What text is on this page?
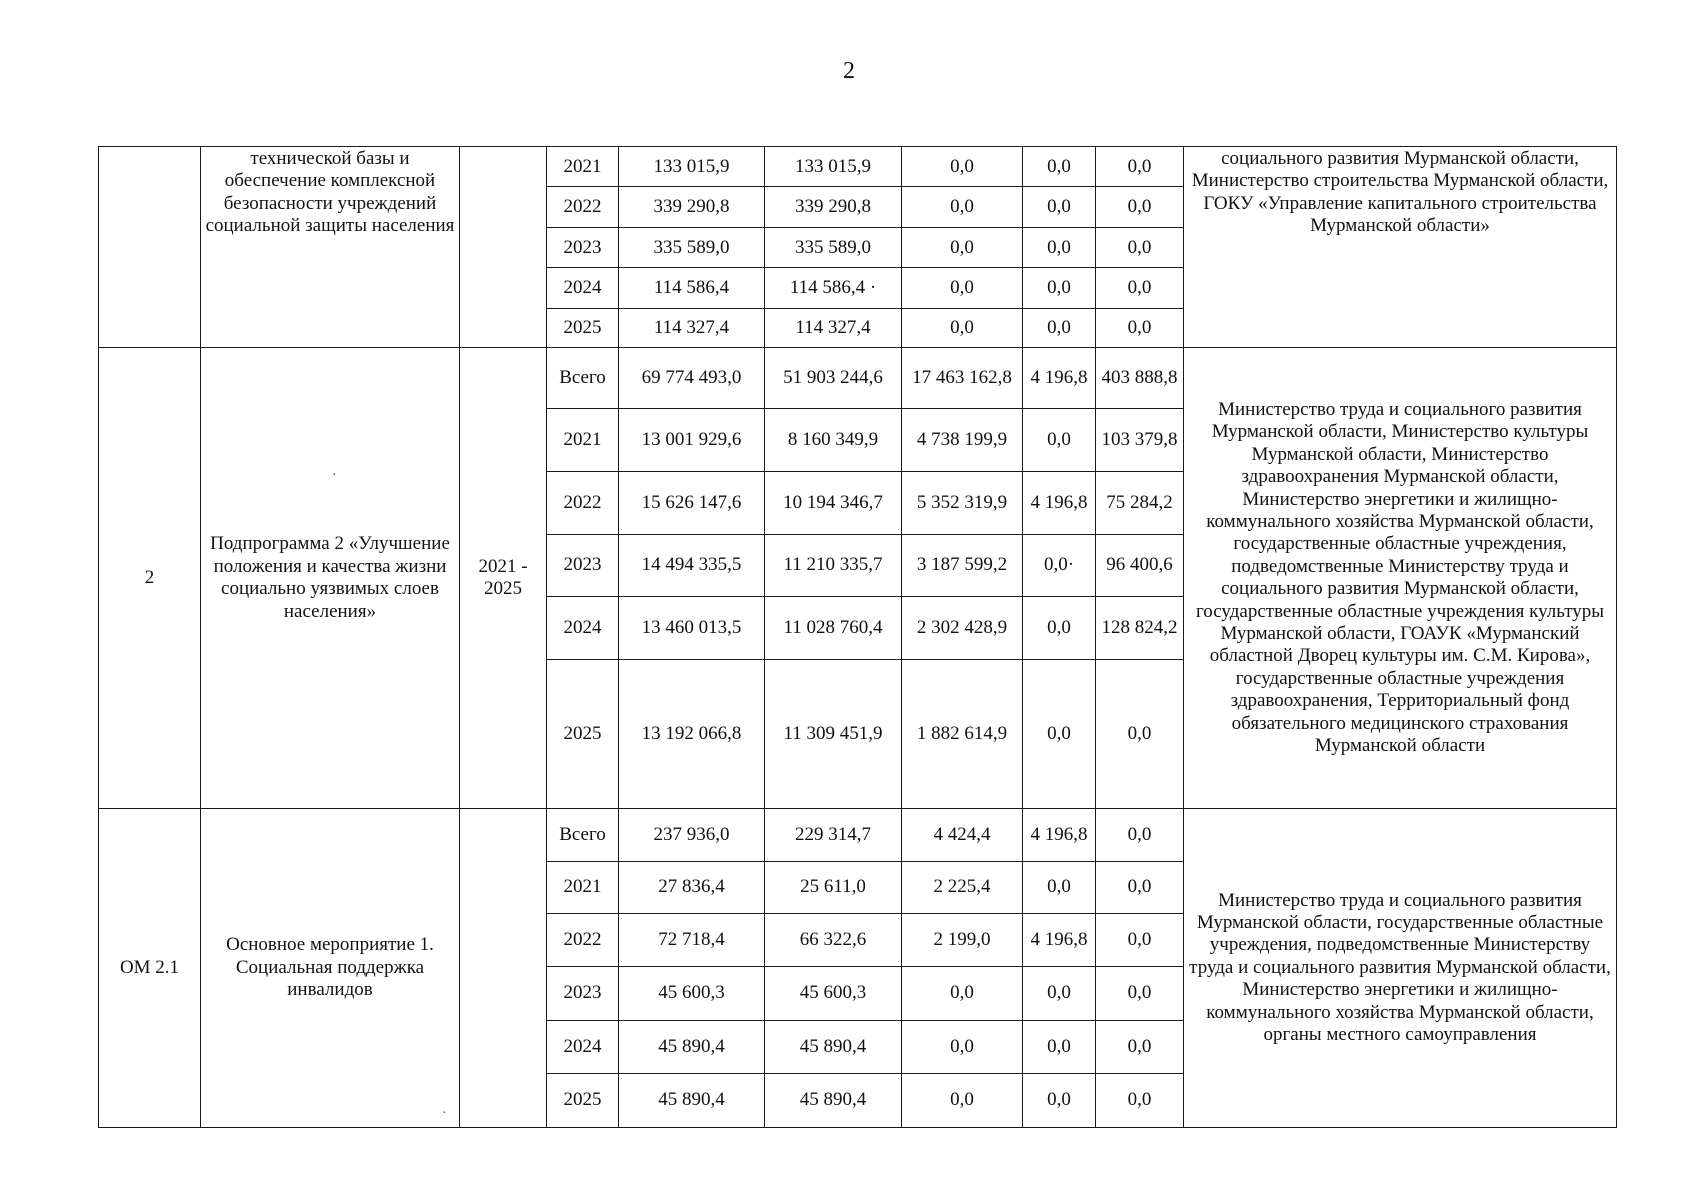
2
	технической базы и обеспечение комплексной безопасности учреждений социальной защиты населения		2021	133 015,9	133 015,9	0,0	0,0	0,0	социального развития Мурманской области, Министерство строительства Мурманской области, ГОКУ «Управление капитального строительства Мурманской области»
			2022	339 290,8	339 290,8	0,0	0,0	0,0	
			2023	335 589,0	335 589,0	0,0	0,0	0,0	
			2024	114 586,4	114 586,4 ·	0,0	0,0	0,0	
			2025	114 327,4	114 327,4	0,0	0,0	0,0	
2	Подпрограмма 2 «Улучшение положения и качества жизни социально уязвимых слоев населения»	2021 - 2025	Всего	69 774 493,0	51 903 244,6	17 463 162,8	4 196,8	403 888,8	Министерство труда и социального развития Мурманской области, Министерство культуры Мурманской области, Министерство здравоохранения Мурманской области, Министерство энергетики и жилищно-коммунального хозяйства Мурманской области, государственные областные учреждения, подведомственные Министерству труда и социального развития Мурманской области, государственные областные учреждения культуры Мурманской области, ГОАУК «Мурманский областной Дворец культуры им. С.М. Кирова», государственные областные учреждения здравоохранения, Территориальный фонд обязательного медицинского страхования Мурманской области
			2021	13 001 929,6	8 160 349,9	4 738 199,9	0,0	103 379,8	
			2022	15 626 147,6	10 194 346,7	5 352 319,9	4 196,8	75 284,2	
			2023	14 494 335,5	11 210 335,7	3 187 599,2	0,0·	96 400,6	
			2024	13 460 013,5	11 028 760,4	2 302 428,9	0,0	128 824,2	
			2025	13 192 066,8	11 309 451,9	1 882 614,9	0,0	0,0	
ОМ 2.1	Основное мероприятие 1. Социальная поддержка инвалидов		Всего	237 936,0	229 314,7	4 424,4	4 196,8	0,0	Министерство труда и социального развития Мурманской области, государственные областные учреждения, подведомственные Министерству труда и социального развития Мурманской области, Министерство энергетики и жилищно-коммунального хозяйства Мурманской области, органы местного самоуправления
			2021	27 836,4	25 611,0	2 225,4	0,0	0,0	
			2022	72 718,4	66 322,6	2 199,0	4 196,8	0,0	
			2023	45 600,3	45 600,3	0,0	0,0	0,0	
			2024	45 890,4	45 890,4	0,0	0,0	0,0	
			2025	45 890,4	45 890,4	0,0	0,0	0,0	
·
·
